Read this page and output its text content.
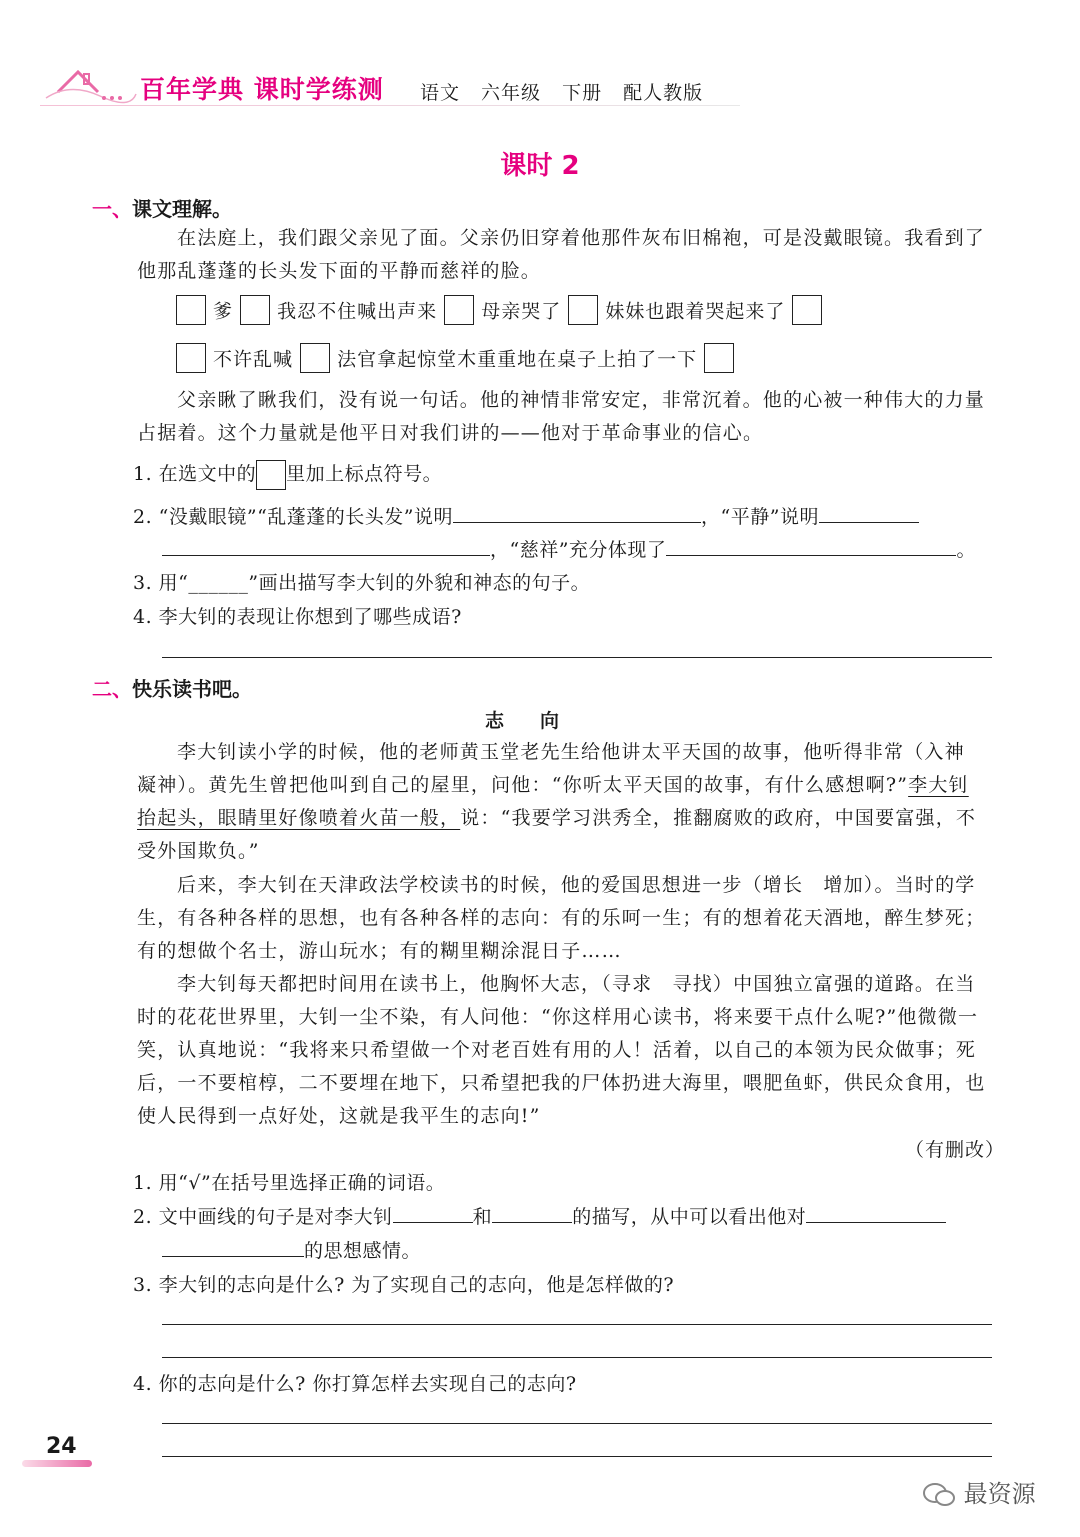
百年学典 课时学练测 语文 六年级 下册 配人教版
课时 2
一、课文理解。
在法庭上，我们跟父亲见了面。父亲仍旧穿着他那件灰布旧棉袍，可是没戴眼镜。我看到了他那乱蓬蓬的长头发下面的平静而慈祥的脸。
爹 我忍不住喊出声来 母亲哭了 妹妹也跟着哭起来了
不许乱喊 法官拿起惊堂木重重地在桌子上拍了一下
父亲瞅了瞅我们，没有说一句话。他的神情非常安定，非常沉着。他的心被一种伟大的力量占据着。这个力量就是他平日对我们讲的——他对于革命事业的信心。
1. 在选文中的 里加上标点符号。
2. “没戴眼镜”“乱蓬蓬的长头发”说明	，“平静”说明
，“慈祥”充分体现了	。
3. 用“______”画出描写李大钊的外貌和神态的句子。
4. 李大钊的表现让你想到了哪些成语?
二、快乐读书吧。
志向
李大钊读小学的时候，他的老师黄玉堂老先生给他讲太平天国的故事，他听得非常（入神
凝神）。黄先生曾把他叫到自己的屋里，问他：“你听太平天国的故事，有什么感想啊?”李大钊
抬起头，眼睛里好像喷着火苗一般，说：“我要学习洪秀全，推翻腐败的政府，中国要富强，不
受外国欺负。”
后来，李大钊在天津政法学校读书的时候，他的爱国思想进一步（增长　增加）。当时的学生，有各种各样的思想，也有各种各样的志向：有的乐呵一生；有的想着花天酒地，醉生梦死；有的想做个名士，游山玩水；有的糊里糊涂混日子……
李大钊每天都把时间用在读书上，他胸怀大志，（寻求　寻找）中国独立富强的道路。在当时的花花世界里，大钊一尘不染，有人问他：“你这样用心读书，将来要干点什么呢?”他微微一笑，认真地说：“我将来只希望做一个对老百姓有用的人！活着，以自己的本领为民众做事；死后，一不要棺椁，二不要埋在地下，只希望把我的尸体扔进大海里，喂肥鱼虾，供民众食用，也使人民得到一点好处，这就是我平生的志向!”
（有删改）
1. 用“√”在括号里选择正确的词语。
2. 文中画线的句子是对李大钊	和	的描写，从中可以看出他对
的思想感情。
3. 李大钊的志向是什么? 为了实现自己的志向，他是怎样做的?
4. 你的志向是什么? 你打算怎样去实现自己的志向?
24
最资源
